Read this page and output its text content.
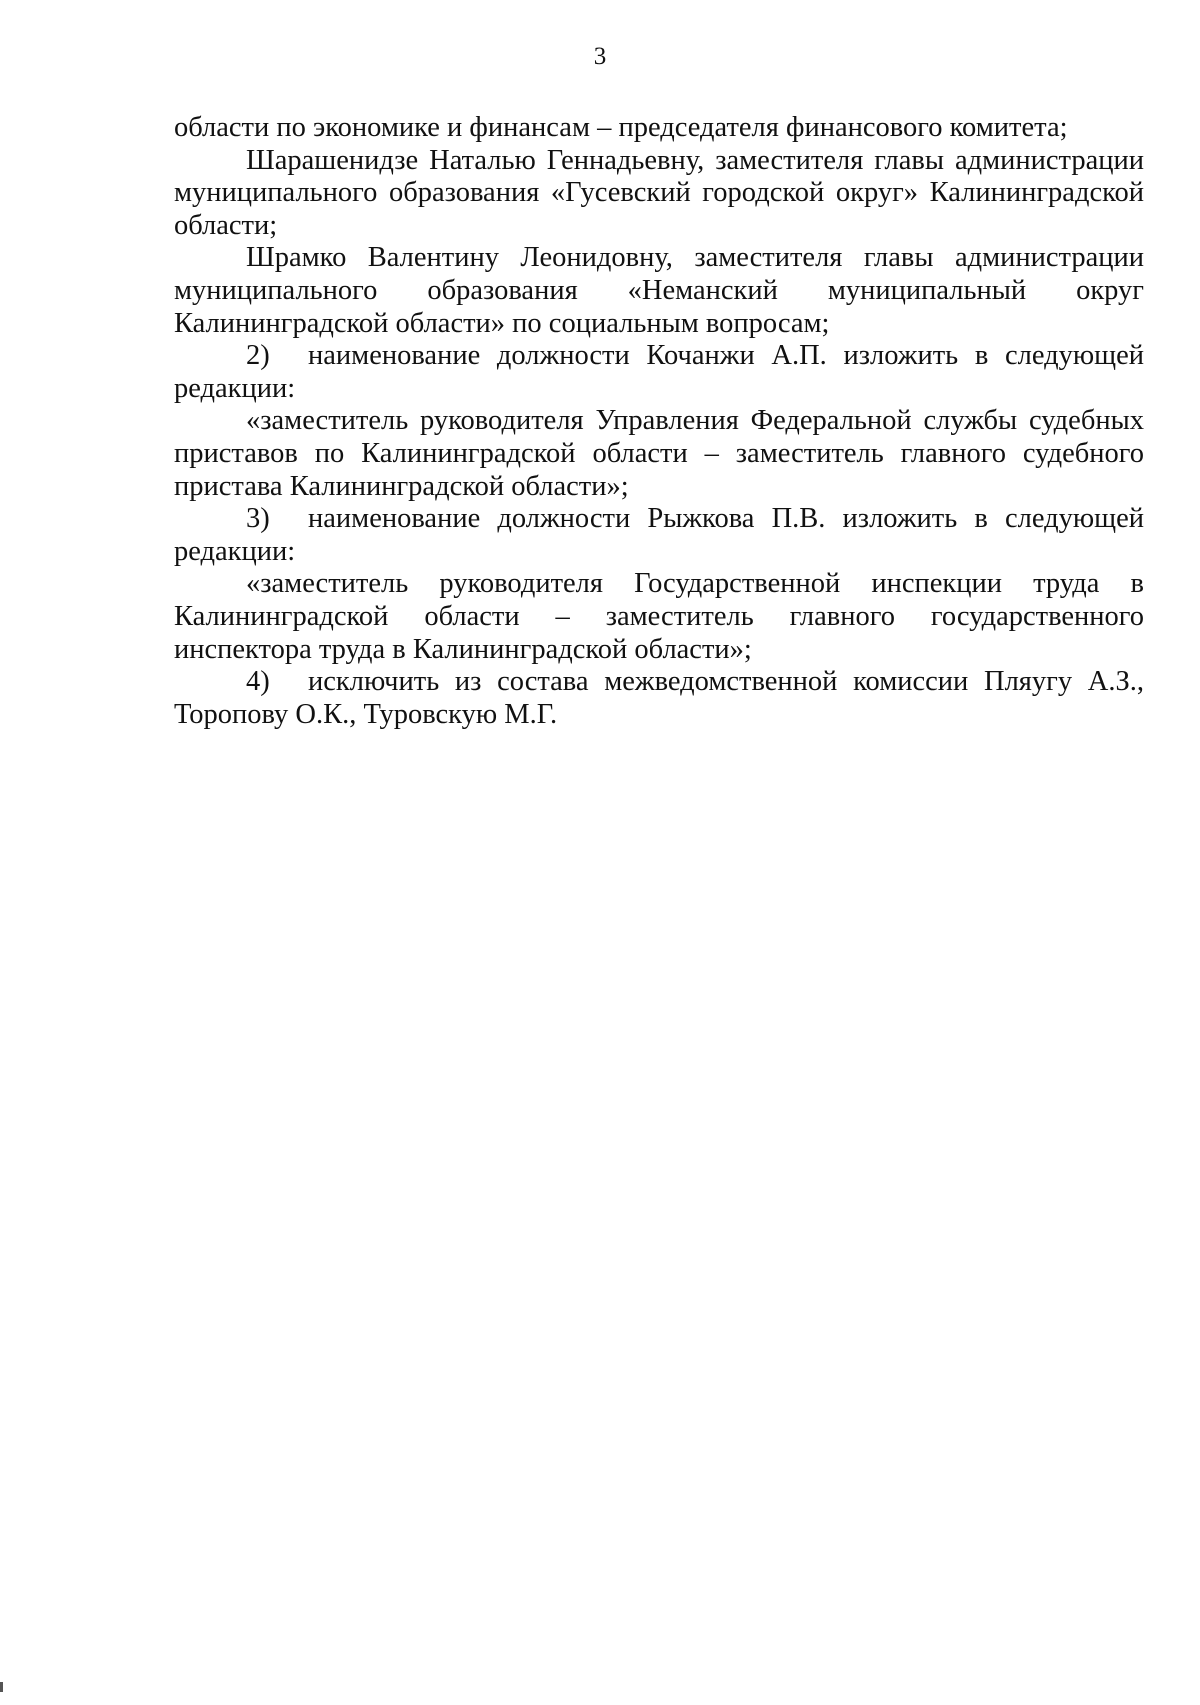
3

области по экономике и финансам – председателя финансового комитета;

Шарашенидзе Наталью Геннадьевну, заместителя главы администрации муниципального образования «Гусевский городской округ» Калининградской области;

Шрамко Валентину Леонидовну, заместителя главы администрации муниципального образования «Неманский муниципальный округ Калининградской области» по социальным вопросам;

2) наименование должности Кочанжи А.П. изложить в следующей редакции:

«заместитель руководителя Управления Федеральной службы судебных приставов по Калининградской области – заместитель главного судебного пристава Калининградской области»;

3) наименование должности Рыжкова П.В. изложить в следующей редакции:

«заместитель руководителя Государственной инспекции труда в Калининградской области – заместитель главного государственного инспектора труда в Калининградской области»;

4) исключить из состава межведомственной комиссии Пляугу А.З., Торопову О.К., Туровскую М.Г.
